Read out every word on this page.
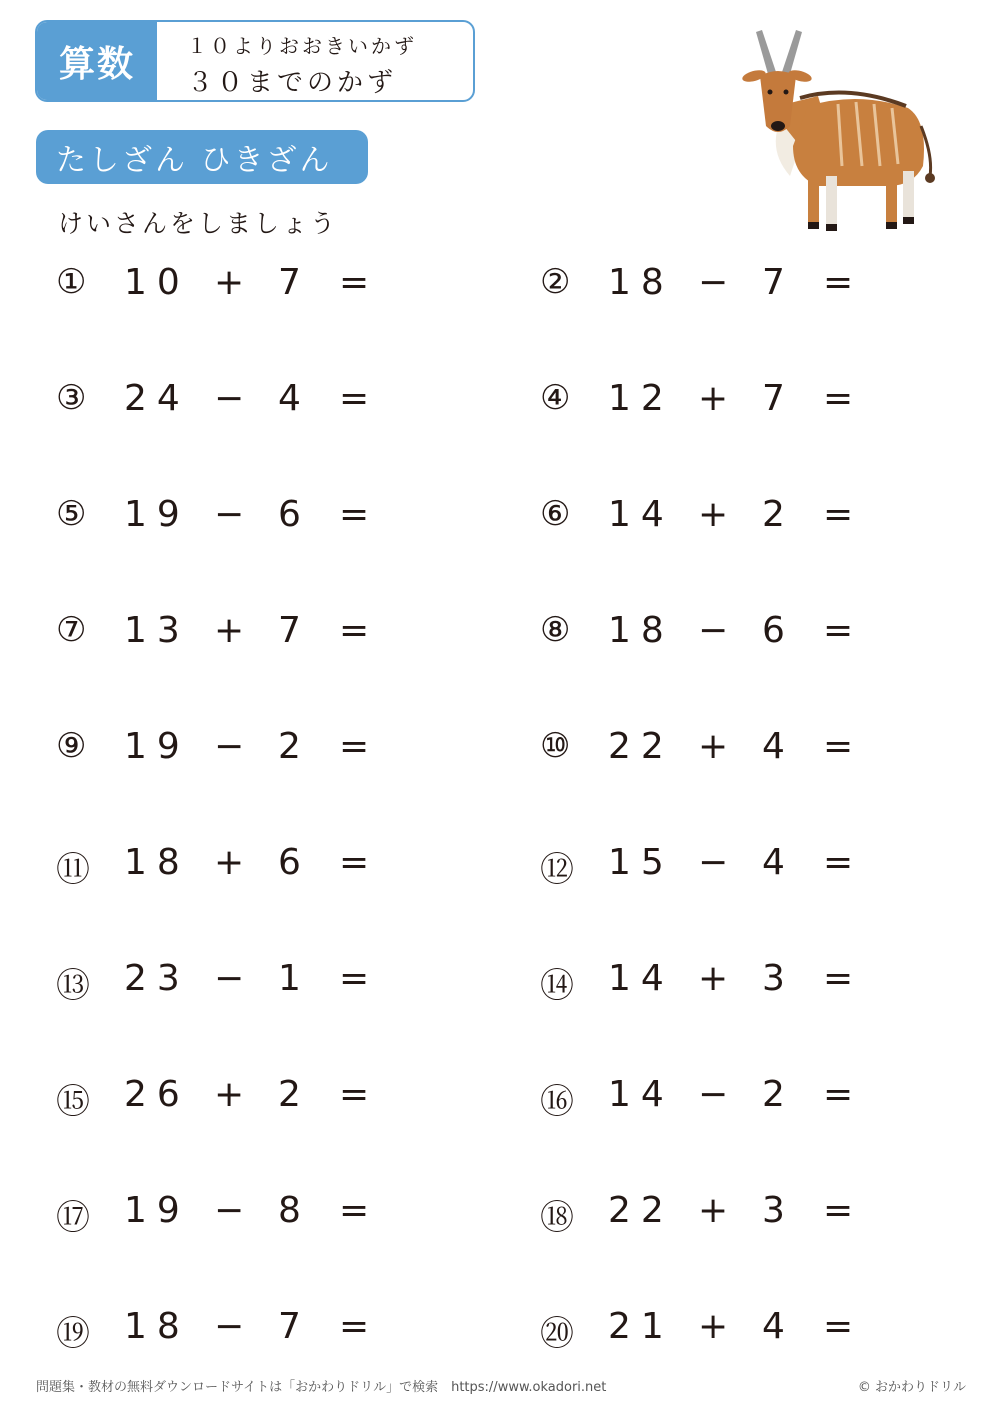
算数	１０よりおおきいかず
３０までのかず
たしざん ひきざん
けいさんをしましょう
① 10 + 7 =	② 18 − 7 =
③ 24 − 4 =	④ 12 + 7 =
⑤ 19 − 6 =	⑥ 14 + 2 =
⑦ 13 + 7 =	⑧ 18 − 6 =
⑨ 19 − 2 =	⑩ 22 + 4 =
⑪ 18 + 6 =	⑫ 15 − 4 =
⑬ 23 − 1 =	⑭ 14 + 3 =
⑮ 26 + 2 =	⑯ 14 − 2 =
⑰ 19 − 8 =	⑱ 22 + 3 =
⑲ 18 − 7 =	⑳ 21 + 4 =
問題集・教材の無料ダウンロードサイトは「おかわりドリル」で検索　https://www.okadori.net	© おかわりドリル
